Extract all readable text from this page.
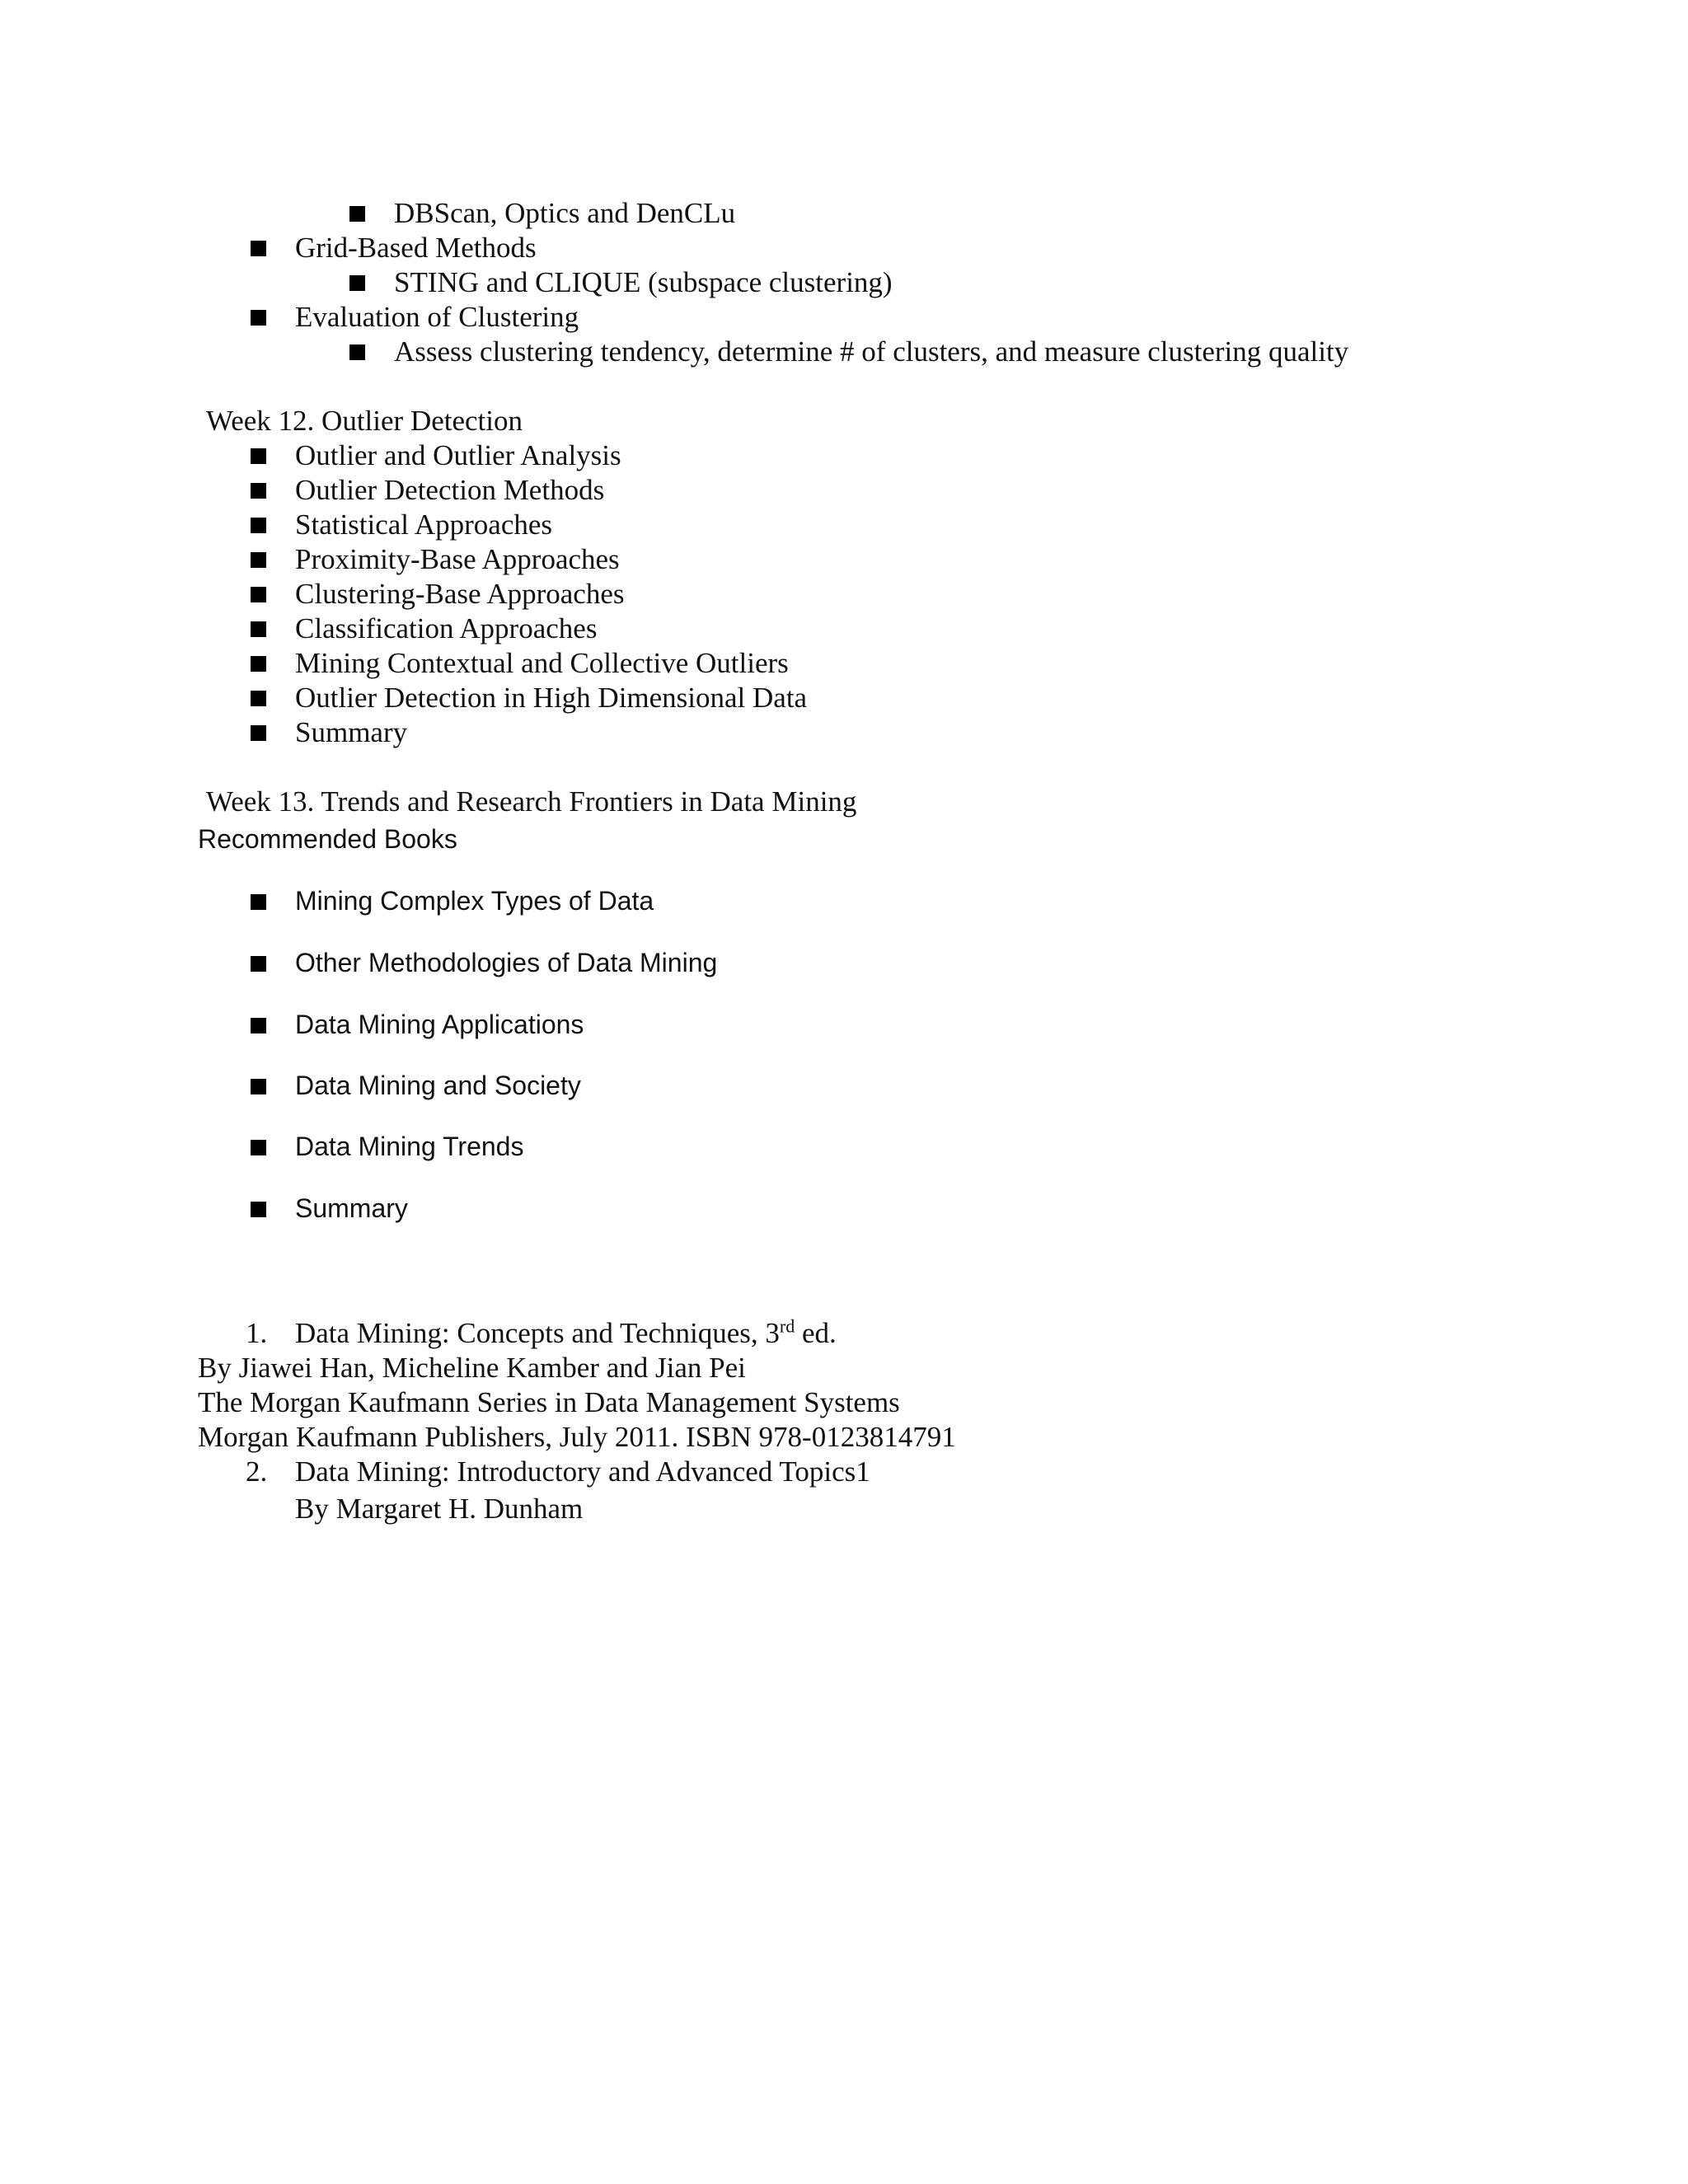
DBScan, Optics and DenCLu
Grid-Based Methods
STING and CLIQUE (subspace clustering)
Evaluation of Clustering
Assess clustering tendency, determine # of clusters, and measure clustering quality
Week 12. Outlier Detection
Outlier and Outlier Analysis
Outlier Detection Methods
Statistical Approaches
Proximity-Base Approaches
Clustering-Base Approaches
Classification Approaches
Mining Contextual and Collective Outliers
Outlier Detection in High Dimensional Data
Summary
Week 13. Trends and Research Frontiers in Data Mining
Recommended Books
Mining Complex Types of Data
Other Methodologies of Data Mining
Data Mining Applications
Data Mining and Society
Data Mining Trends
Summary
1. Data Mining: Concepts and Techniques, 3rd ed.
By Jiawei Han, Micheline Kamber and Jian Pei
The Morgan Kaufmann Series in Data Management Systems
Morgan Kaufmann Publishers, July 2011. ISBN 978-0123814791
2. Data Mining: Introductory and Advanced Topics1
By Margaret H. Dunham
